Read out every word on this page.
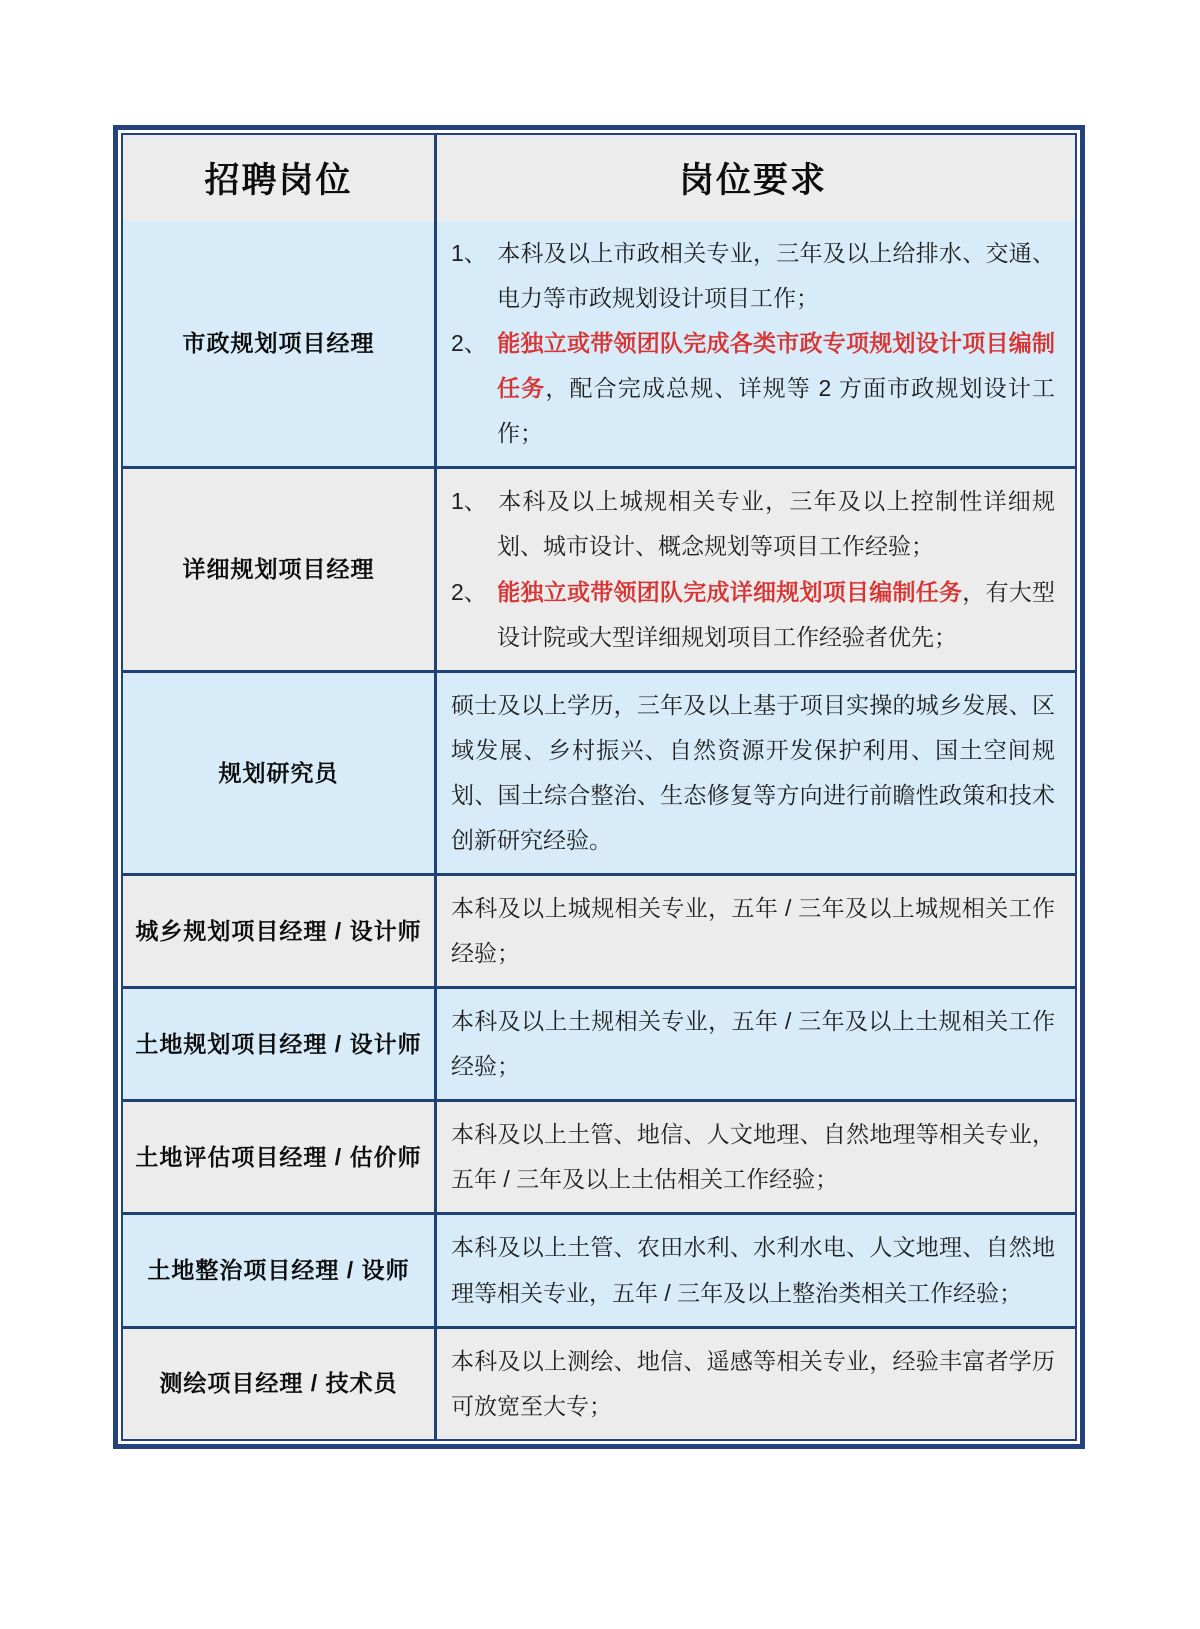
招聘岗位	岗位要求
市政规划项目经理

1、 本科及以上市政相关专业，三年及以上给排水、交通、电力等市政规划设计项目工作；

2、 能独立或带领团队完成各类市政专项规划设计项目编制任务，配合完成总规、详规等 2 方面市政规划设计工作；

详细规划项目经理

1、 本科及以上城规相关专业，三年及以上控制性详细规划、城市设计、概念规划等项目工作经验；

2、 能独立或带领团队完成详细规划项目编制任务，有大型设计院或大型详细规划项目工作经验者优先；

规划研究员

硕士及以上学历，三年及以上基于项目实操的城乡发展、区域发展、乡村振兴、自然资源开发保护利用、国土空间规划、国土综合整治、生态修复等方向进行前瞻性政策和技术创新研究经验。

城乡规划项目经理 / 设计师

本科及以上城规相关专业，五年 / 三年及以上城规相关工作经验；

土地规划项目经理 / 设计师

本科及以上土规相关专业，五年 / 三年及以上土规相关工作经验；

土地评估项目经理 / 估价师

本科及以上土管、地信、人文地理、自然地理等相关专业，五年 / 三年及以上土估相关工作经验；

土地整治项目经理 / 设师

本科及以上土管、农田水利、水利水电、人文地理、自然地理等相关专业，五年 / 三年及以上整治类相关工作经验；

测绘项目经理 / 技术员

本科及以上测绘、地信、遥感等相关专业，经验丰富者学历可放宽至大专；
